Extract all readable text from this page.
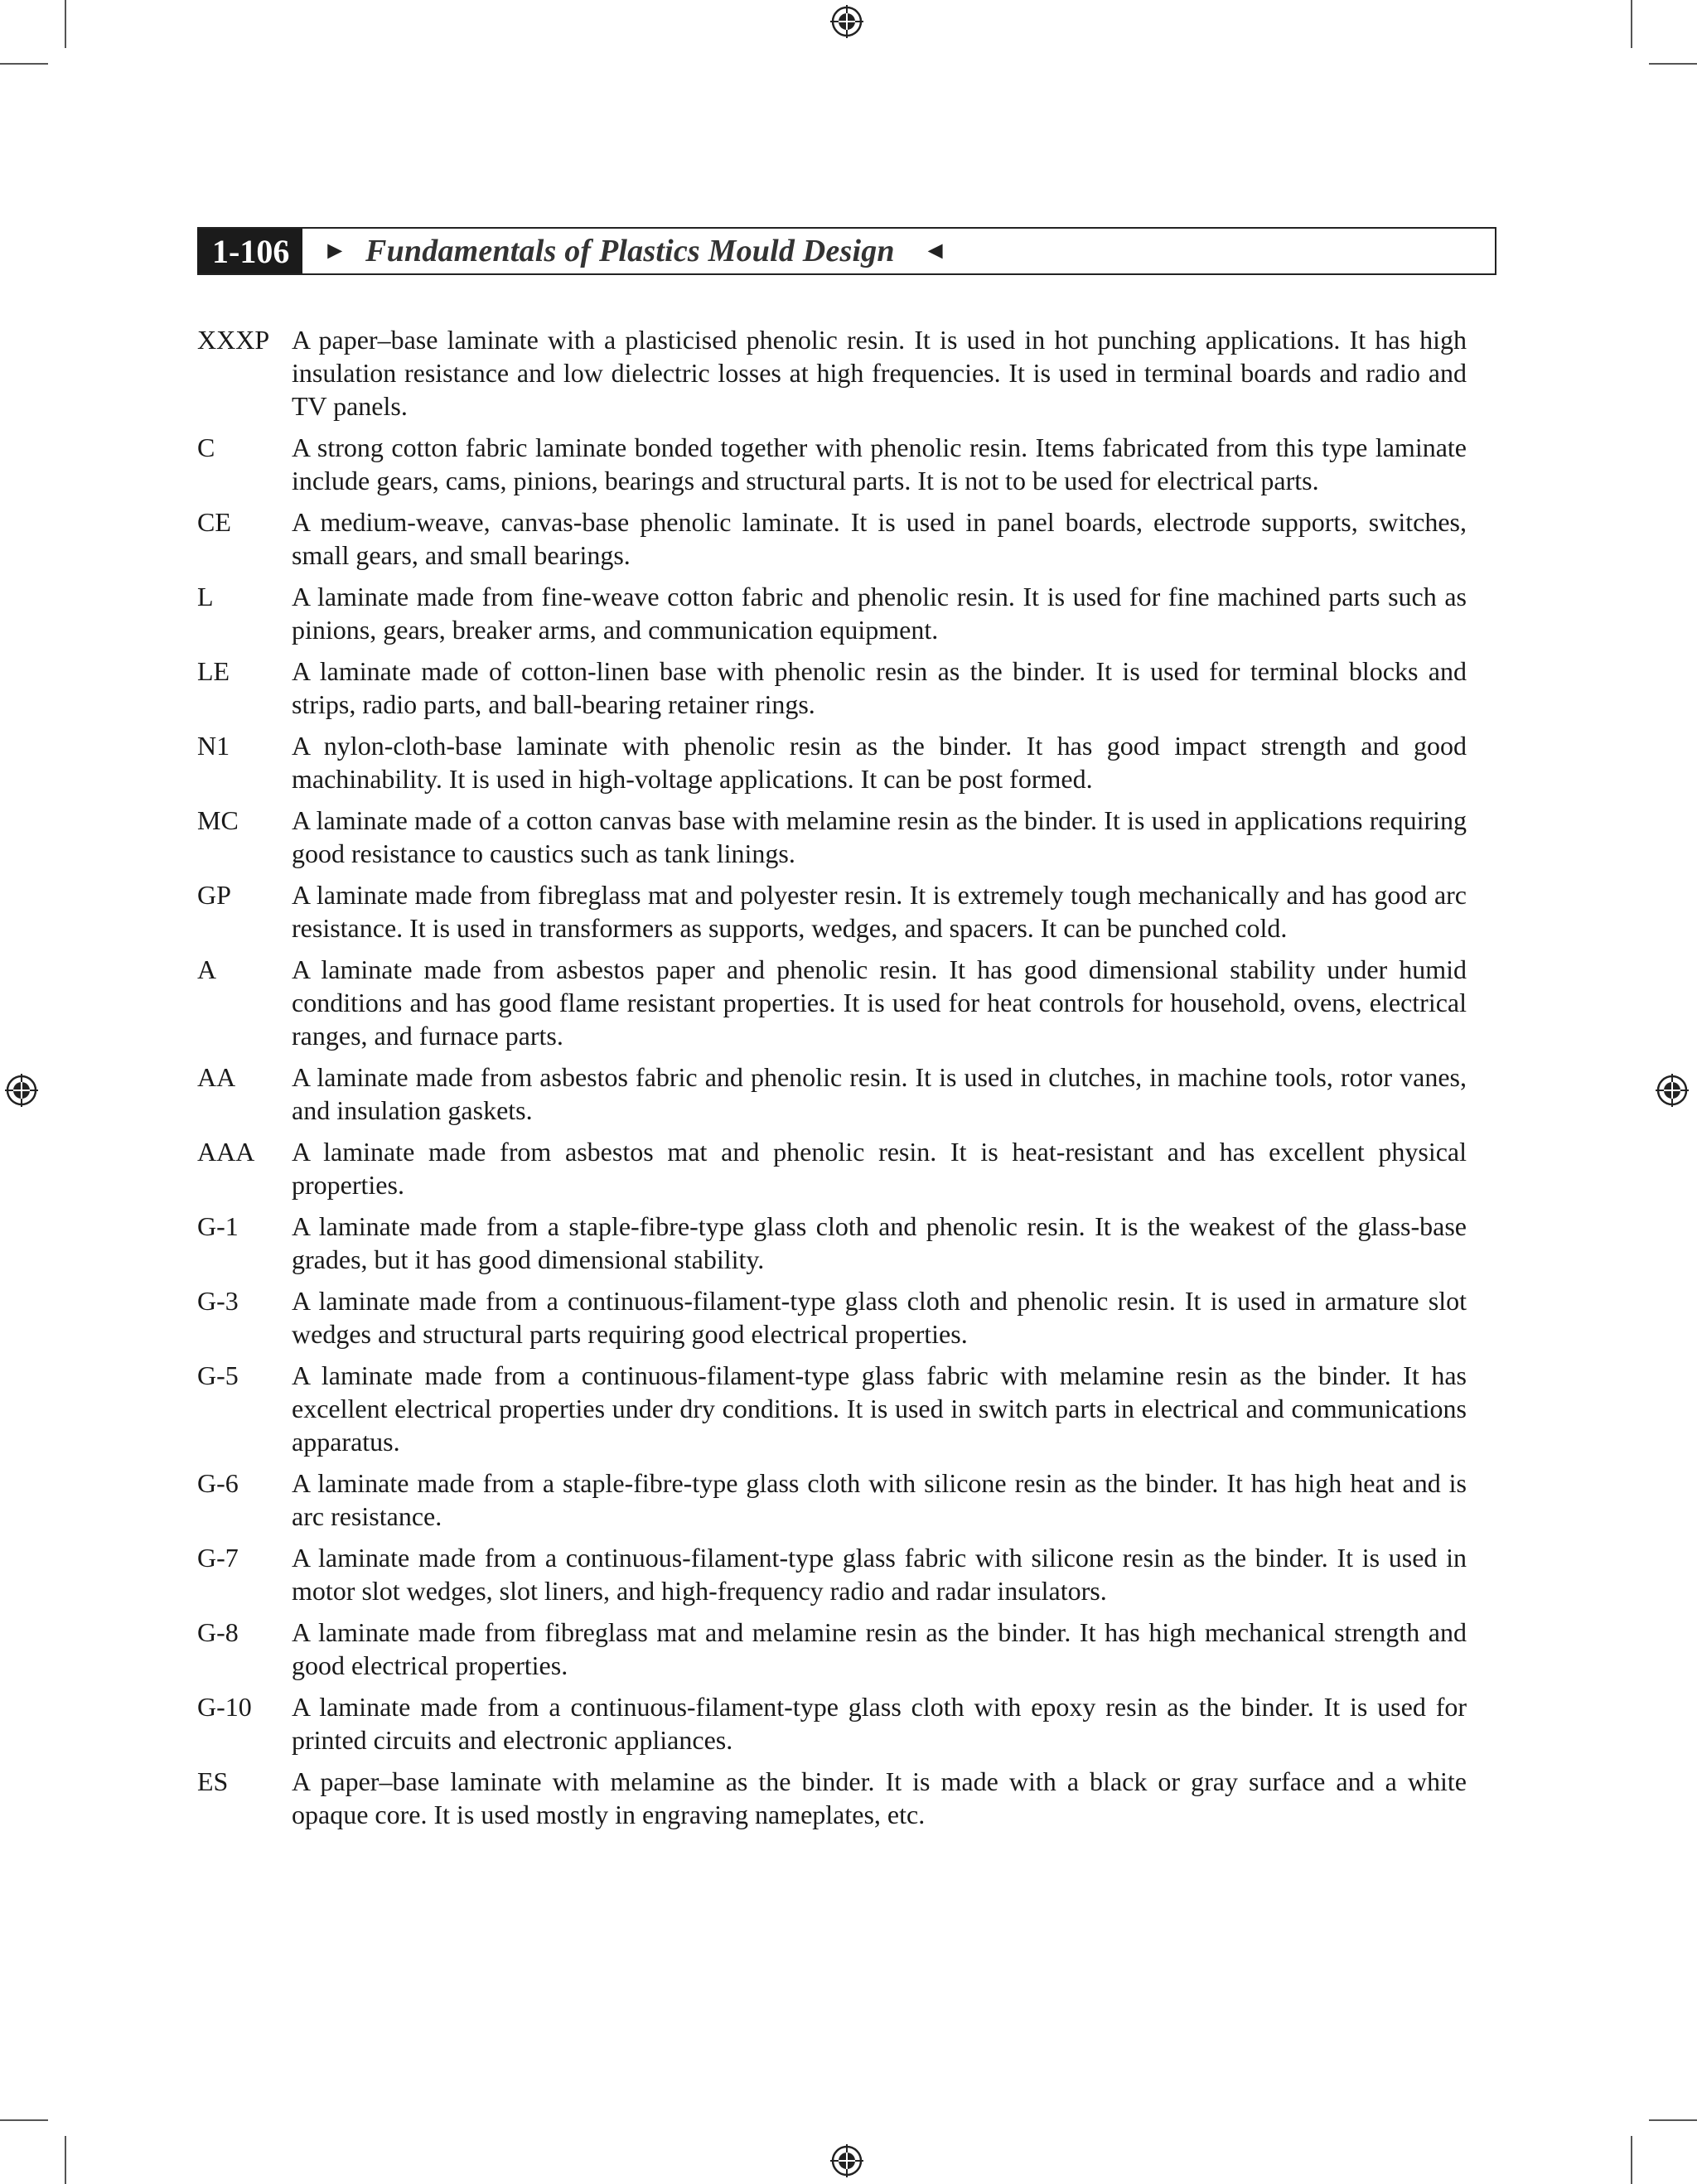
1-106	► Fundamentals of Plastics Mould Design ◄
XXXP A paper–base laminate with a plasticised phenolic resin. It is used in hot punching applications. It has high insulation resistance and low dielectric losses at high frequencies. It is used in terminal boards and radio and TV panels.
C	A strong cotton fabric laminate bonded together with phenolic resin. Items fabricated from this type laminate include gears, cams, pinions, bearings and structural parts. It is not to be used for electrical parts.
CE	A medium-weave, canvas-base phenolic laminate. It is used in panel boards, electrode supports, switches, small gears, and small bearings.
L	A laminate made from fine-weave cotton fabric and phenolic resin. It is used for fine machined parts such as pinions, gears, breaker arms, and communication equipment.
LE	A laminate made of cotton-linen base with phenolic resin as the binder. It is used for terminal blocks and strips, radio parts, and ball-bearing retainer rings.
N1	A nylon-cloth-base laminate with phenolic resin as the binder. It has good impact strength and good machinability. It is used in high-voltage applications. It can be post formed.
MC	A laminate made of a cotton canvas base with melamine resin as the binder. It is used in applications requiring good resistance to caustics such as tank linings.
GP	A laminate made from fibreglass mat and polyester resin. It is extremely tough mechanically and has good arc resistance. It is used in transformers as supports, wedges, and spacers. It can be punched cold.
A	A laminate made from asbestos paper and phenolic resin. It has good dimensional stability under humid conditions and has good flame resistant properties. It is used for heat controls for household, ovens, electrical ranges, and furnace parts.
AA	A laminate made from asbestos fabric and phenolic resin. It is used in clutches, in machine tools, rotor vanes, and insulation gaskets.
AAA	A laminate made from asbestos mat and phenolic resin. It is heat-resistant and has excellent physical properties.
G-1	A laminate made from a staple-fibre-type glass cloth and phenolic resin. It is the weakest of the glass-base grades, but it has good dimensional stability.
G-3	A laminate made from a continuous-filament-type glass cloth and phenolic resin. It is used in armature slot wedges and structural parts requiring good electrical properties.
G-5	A laminate made from a continuous-filament-type glass fabric with melamine resin as the binder. It has excellent electrical properties under dry conditions. It is used in switch parts in electrical and communications apparatus.
G-6	A laminate made from a staple-fibre-type glass cloth with silicone resin as the binder. It has high heat and is arc resistance.
G-7	A laminate made from a continuous-filament-type glass fabric with silicone resin as the binder. It is used in motor slot wedges, slot liners, and high-frequency radio and radar insulators.
G-8	A laminate made from fibreglass mat and melamine resin as the binder. It has high mechanical strength and good electrical properties.
G-10	A laminate made from a continuous-filament-type glass cloth with epoxy resin as the binder. It is used for printed circuits and electronic appliances.
ES	A paper–base laminate with melamine as the binder. It is made with a black or gray surface and a white opaque core. It is used mostly in engraving nameplates, etc.
